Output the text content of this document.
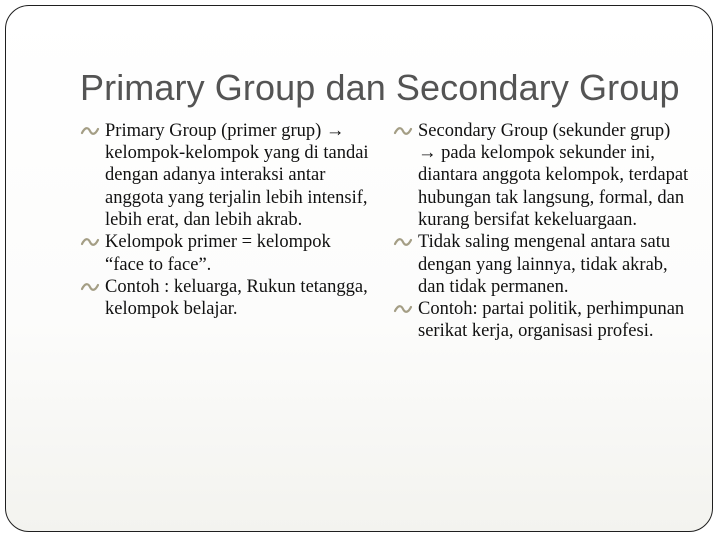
Primary Group dan Secondary Group
Primary Group (primer grup) → kelompok-kelompok yang di tandai dengan adanya interaksi antar anggota yang terjalin lebih intensif, lebih erat, dan lebih akrab.
Kelompok primer = kelompok “face to face”.
Contoh : keluarga, Rukun tetangga, kelompok belajar.
Secondary Group (sekunder grup) → pada kelompok sekunder ini, diantara anggota kelompok, terdapat hubungan tak langsung, formal, dan kurang bersifat kekeluargaan.
Tidak saling mengenal antara satu dengan yang lainnya, tidak akrab, dan tidak permanen.
Contoh: partai politik, perhimpunan serikat kerja, organisasi profesi.
